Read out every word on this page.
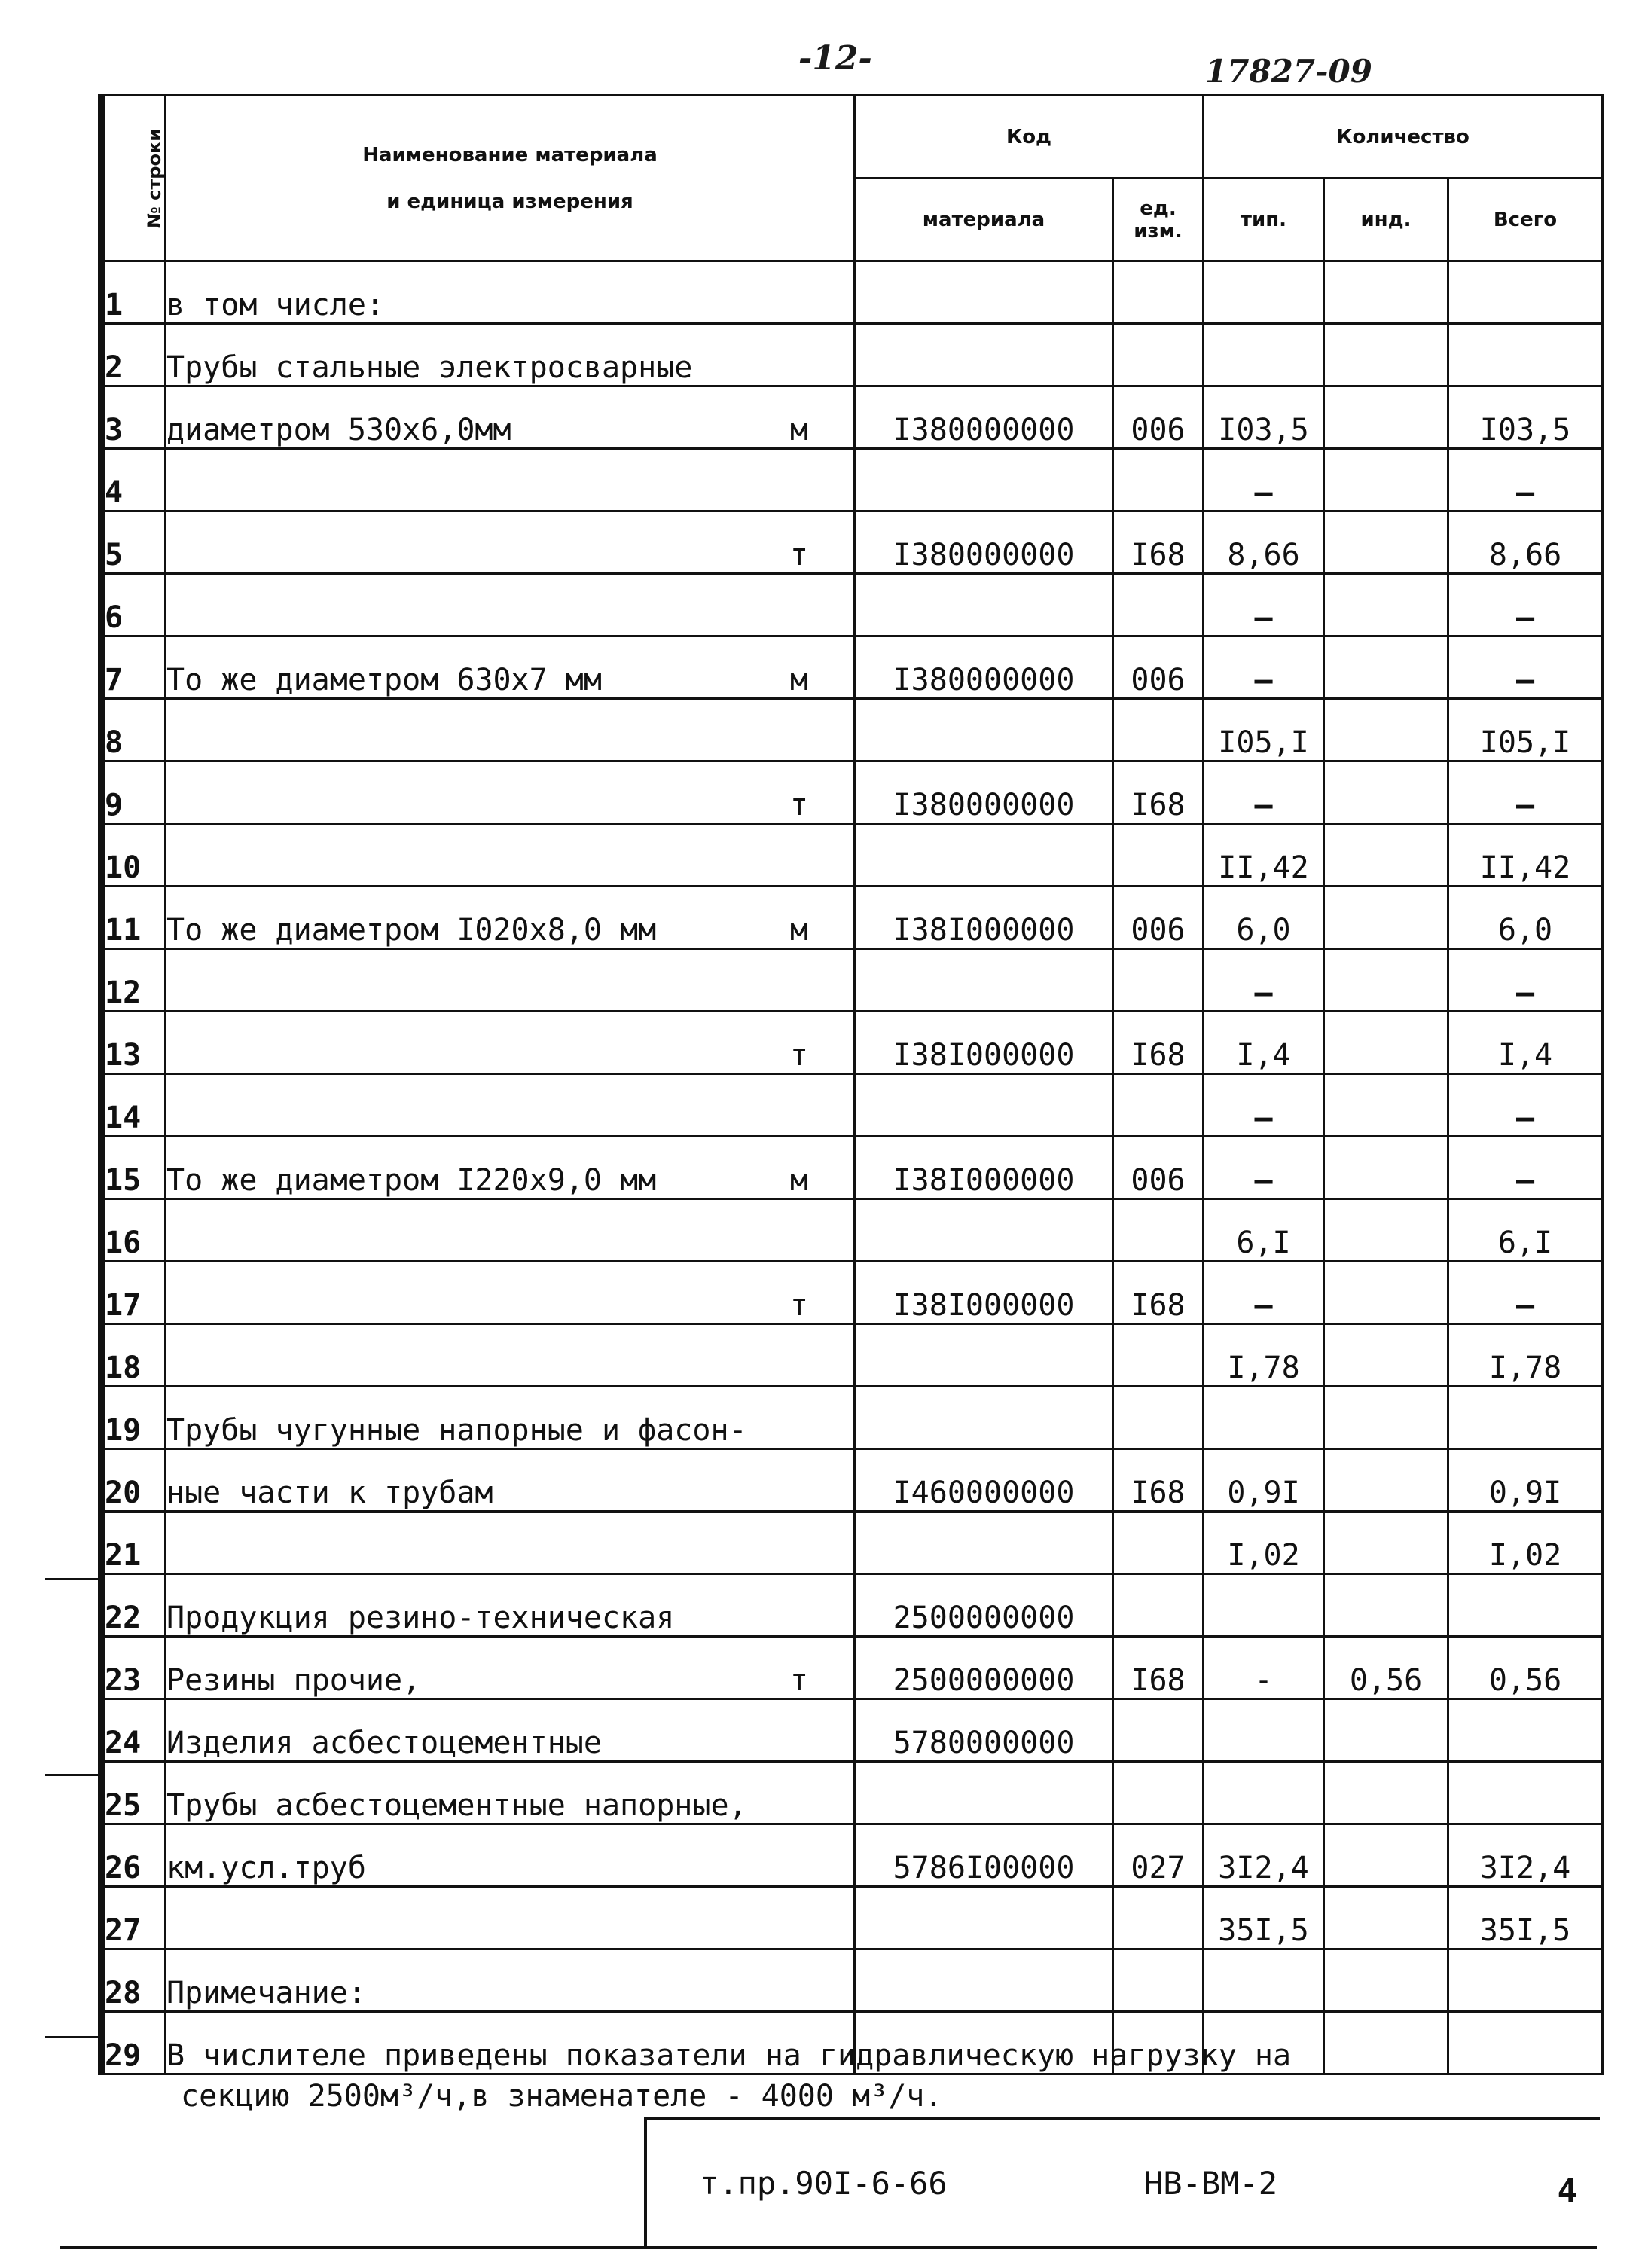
-12-	17827-09
№ строки	Наименование материала
и единица измерения	Код		Количество		
		материала	ед. изм.	тип.	инд.	Всего
1	в том числе:

2	Трубы стальные электросварные

3	диаметром 530х6,0мм м	I380000000	006	I03,5		I03,5
4				—		—
5	т	I380000000	I68	8,66		8,66
6				—		—
7	То же диаметром 630х7 мм м	I380000000	006	—		—
8				I05,I		I05,I
9	т	I380000000	I68	—		—
10				II,42		II,42
11	То же диаметром I020х8,0 мм м	I38I000000	006	6,0		6,0
12				—		—
13	т	I38I000000	I68	I,4		I,4
14				—		—
15	То же диаметром I220х9,0 мм м	I38I000000	006	—		—
16				6,I		6,I
17	т	I38I000000	I68	—		—
18				I,78		I,78
19	Трубы чугунные напорные и фасон-

20	ные части к трубам	I460000000	I68	0,9I		0,9I
21				I,02		I,02
22	Продукция резино-техническая	2500000000				
23	Резины прочие, т	2500000000	I68	-	0,56	0,56
24	Изделия асбестоцементные	5780000000				
25	Трубы асбестоцементные напорные,

26	км.усл.труб	5786I00000	027	3I2,4		3I2,4
27				35I,5		35I,5
28	Примечание:

29	В числителе приведены показатели на гидравлическую нагрузку на

секцию 2500м³/ч,в знаменателе - 4000 м³/ч.
т.пр.90I-6-66	НВ-ВМ-2	4
